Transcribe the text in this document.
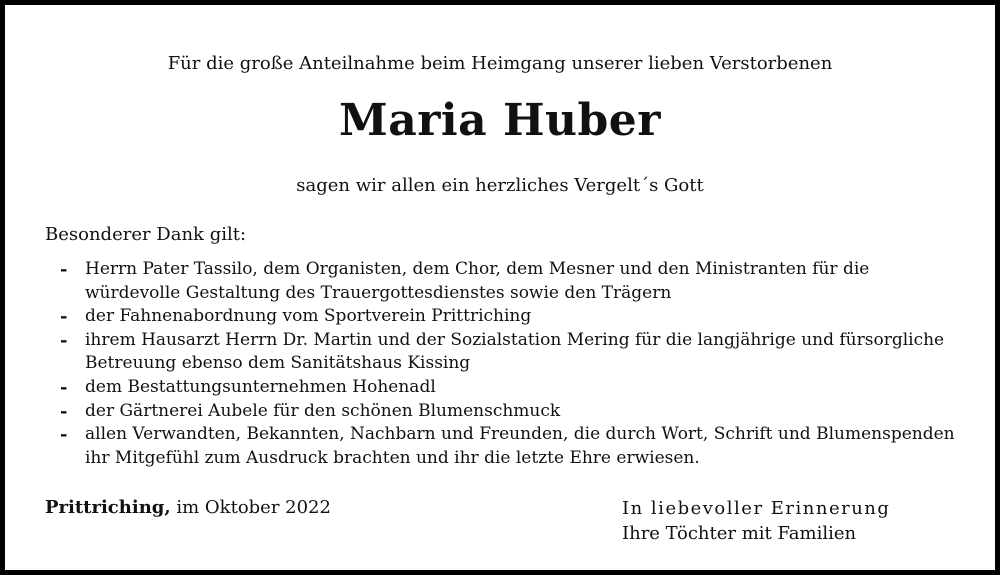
Für die große Anteilnahme beim Heimgang unserer lieben Verstorbenen
Maria Huber
sagen wir allen ein herzliches Vergelt´s Gott
Besonderer Dank gilt:
- Herrn Pater Tassilo, dem Organisten, dem Chor, dem Mesner und den Ministranten für die würdevolle Gestaltung des Trauergottesdienstes sowie den Trägern
- der Fahnenabordnung vom Sportverein Prittriching
- ihrem Hausarzt Herrn Dr. Martin und der Sozialstation Mering für die langjährige und fürsorgliche Betreuung ebenso dem Sanitätshaus Kissing
- dem Bestattungsunternehmen Hohenadl
- der Gärtnerei Aubele für den schönen Blumenschmuck
- allen Verwandten, Bekannten, Nachbarn und Freunden, die durch Wort, Schrift und Blumenspenden ihr Mitgefühl zum Ausdruck brachten und ihr die letzte Ehre erwiesen.
Prittriching, im Oktober 2022	In liebevoller Erinnerung
Ihre Töchter mit Familien
